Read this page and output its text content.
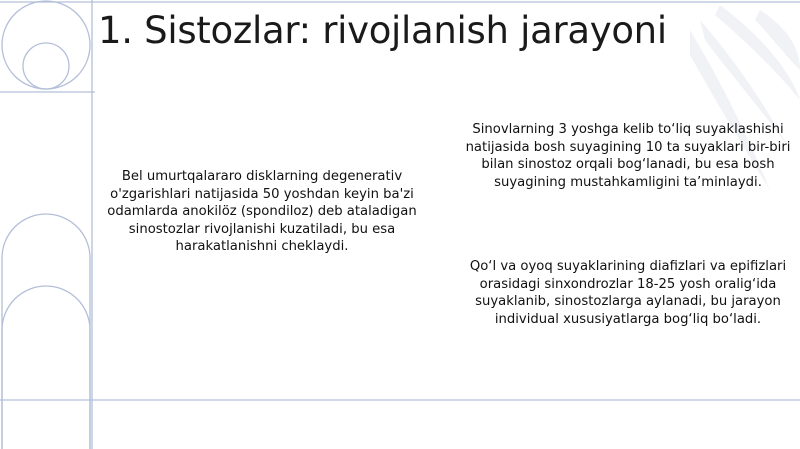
1. Sistozlar: rivojlanish jarayoni

Bel umurtqalararo disklarning degenerativ o'zgarishlari natijasida 50 yoshdan keyin ba'zi odamlarda anokilöz (spondiloz) deb ataladigan sinostozlar rivojlanishi kuzatiladi, bu esa harakatlanishni cheklaydi.

Sinovlarning 3 yoshga kelib to‘liq suyaklashishi natijasida bosh suyagining 10 ta suyaklari bir-biri bilan sinostoz orqali bog‘lanadi, bu esa bosh suyagining mustahkamligini ta’minlaydi.

Qo‘l va oyoq suyaklarining diafizlari va epifizlari orasidagi sinxondrozlar 18-25 yosh oralig‘ida suyaklanib, sinostozlarga aylanadi, bu jarayon individual xususiyatlarga bog‘liq bo‘ladi.
